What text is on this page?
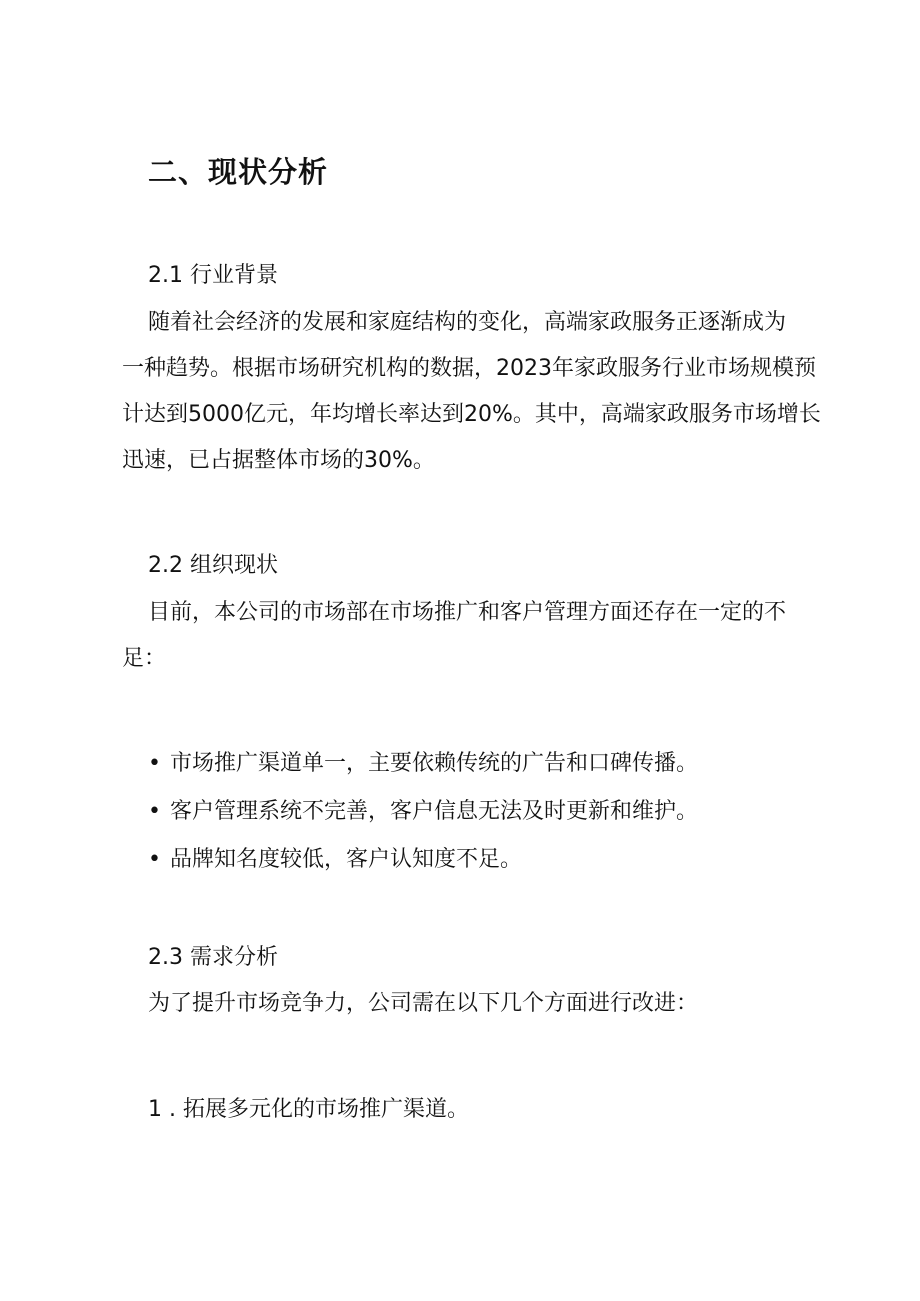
二、现状分析
2.1 行业背景
随着社会经济的发展和家庭结构的变化，高端家政服务正逐渐成为
一种趋势。根据市场研究机构的数据，2023年家政服务行业市场规模预
计达到5000亿元，年均增长率达到20%。其中，高端家政服务市场增长
迅速，已占据整体市场的30%。
2.2 组织现状
目前，本公司的市场部在市场推广和客户管理方面还存在一定的不
足：
• 市场推广渠道单一，主要依赖传统的广告和口碑传播。
• 客户管理系统不完善，客户信息无法及时更新和维护。
• 品牌知名度较低，客户认知度不足。
2.3 需求分析
为了提升市场竞争力，公司需在以下几个方面进行改进：
1 . 拓展多元化的市场推广渠道。
